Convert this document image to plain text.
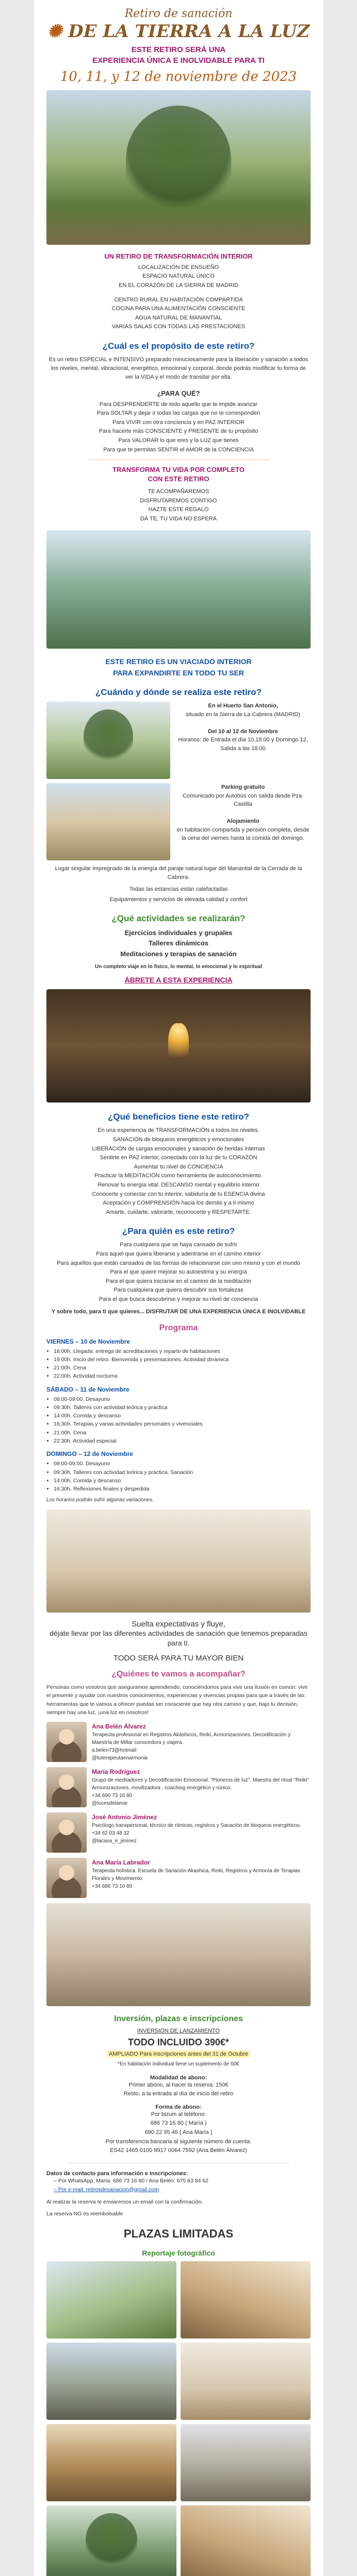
Retiro de sanación
✺ DE LA TIERRA A LA LUZ
ESTE RETIRO SERÁ UNA
EXPERIENCIA ÚNICA E INOLVIDABLE PARA TI
10, 11, y 12 de noviembre de 2023
UN RETIRO DE TRANSFORMACIÓN INTERIOR
LOCALIZACIÓN DE ENSUEÑO
ESPACIO NATURAL ÚNICO
EN EL CORAZÓN DE LA SIERRA DE MADRID
CENTRO RURAL EN HABITACIÓN COMPARTIDA
COCINA PARA UNA ALIMENTACIÓN CONSCIENTE
AGUA NATURAL DE MANANTIAL
VARIAS SALAS CON TODAS LAS PRESTACIONES
¿Cuál es el propósito de este retiro?

Es un retiro ESPECIAL e INTENSIVO preparado minuciosamente para la liberación y sanación a todos los niveles, mental, vibracional, energético, emocional y corporal, donde podrás modificar tu forma de ver la VIDA y el modo de transitar por ella.

¿PARA QUÉ?
Para DESPRENDERTE de todo aquello que te impide avanzar
Para SOLTAR y dejar ir todas las cargas que no te corresponden
Para VIVIR con otra conciencia y en PAZ INTERIOR
Para hacerte más CONSCIENTE y PRESENTE de tu propósito
Para VALORAR lo que eres y la LUZ que tienes
Para que te permitas SENTIR el AMOR de la CONCIENCIA
TRANSFORMA TU VIDA POR COMPLETO
CON ESTE RETIRO
TE ACOMPAÑAREMOS
DISFRUTAREMOS CONTIGO
HAZTE ESTE REGALO
DÁ TE, TU VIDA NO ESPERA
ESTE RETIRO ES UN VIACIADO INTERIOR
PARA EXPANDIRTE EN TODO TU SER
¿Cuándo y dónde se realiza este retiro?
En el Huerto San Antonio,
situado en la Sierra de La Cabrera (MADRID)

Del 10 al 12 de Noviembre
Horarios: de Entrada el día 10,18:00 y Domingo 12, Salida a las 18:00
Parking gratuito
Comunicado por Autobús con salida desde Pza. Castilla

Alojamiento
en habitación compartida y pensión completa, desde la cena del viernes hasta la comida del domingo.

Lugar singular impregnado de la energía del paraje natural lugar del Manantial de la Cerrada de la Cabrera.

Todas las estancias están calefactadas

Equipamientos y servicios de elevada calidad y confort

¿Qué actividades se realizarán?
Ejercicios individuales y grupales
Talleres dinámicos
Meditaciones y terapias de sanación

Un completo viaje en lo físico, lo mental, lo emocional y lo espiritual

ÁBRETE A ESTA EXPERIENCIA
¿Qué beneficios tiene este retiro?
En una experiencia de TRANSFORMACIÓN a todos los niveles.
SANACIÓN de bloqueos energéticos y emocionales
LIBERACIÓN de cargas emocionales y sanación de heridas internas
Sentirte en PAZ interior, conectado con la luz de tu CORAZÓN
Aumentar tu nivel de CONCIENCIA
Practicar la MEDITACIÓN como herramienta de autoconocimiento.
Renovar tu energía vital. DESCANSO mental y equilibrio interno
Conocerte y conectar con tu interior, sabiduría de tu ESENCIA divina
Aceptación y COMPRENSIÓN hacia los demás y a ti mismo
Amarte, cuidarte, valorarte, reconocerte y RESPETARTE.
¿Para quién es este retiro?
Para cualquiera que se haya cansado de sufrir
Para aquel que quiera liberarse y adentrarse en el camino interior
Para aquellos que están cansados de las formas de relacionarse con uno mismo y con el mundo
Para el que quiere mejorar su autoestima y su energía
Para el que quiera iniciarse en el camino de la meditación
Para cualquiera que quiera descubrir sus fortalezas
Para el que busca descubrirse y mejorar su nivel de conciencia

Y sobre todo, para ti que quieres... DISFRUTAR DE UNA EXPERIENCIA ÚNICA E INOLVIDABLE

Programa
VIERNES – 10 de Noviembre
• 18:00h. Llegada: entrega de acreditaciones y reparto de habitaciones
• 19:00h. Inicio del retiro. Bienvenida y presentaciones. Actividad dinámica
• 21:00h. Cena
• 22:00h. Actividad nocturna
SÁBADO – 11 de Noviembre
• 08:00-09:00. Desayuno
• 09:30h. Talleres con actividad teórica y práctica
• 14:00h. Comida y descanso
• 16:30h. Terapias y varias actividades personales y vivenciales
• 21:00h. Cena
• 22:30h. Actividad especial
DOMINGO – 12 de Noviembre
• 08:00-09:00. Desayuno
• 09:30h. Talleres con actividad teórica y práctica. Sanación
• 14:00h. Comida y descanso
• 16:30h. Reflexiones finales y despedida

Los horarios podrán sufrir algunas variaciones.

Suelta expectativas y fluye,
déjate llevar por las diferentes actividades de sanación que tenemos preparadas para ti.
TODO SERÁ PARA TU MAYOR BIEN
¿Quiénes te vamos a acompañar?

Personas como vosotros que aseguramos aprendiendo, conociéndonos para vivir una ilusión en común: vivir el presente y ayudar con nuestros conocimientos, experiencias y vivencias propias para que a través de las herramientas que te vamos a ofrecer puedas ser consciente que hay otra camino y que, bajo tu decisión, siempre hay una luz, ¡una luz en nosotros!

Ana Belén Álvarez
Terapeuta profesional en Registros Akáshicos, Reiki, Armonizaciones, Decodificación y Maestría de Millar conocedora y viajera.
a.belen73@hotmail
@tuterapeutaenarmonia
María Rodríguez
Grupo de meditadores y Decodificación Emocional. "Pioneros de luz". Maestra del ritual "Reiki" Armonizaciones, movilizadora , coaching energético y rúnico.
+34 690 73 16 80
@lucesdelamar
José Antonio Jiménez
Psicólogo transpersonal, técnico de ritmicas, registros y Sanación de bloqueos energéticos.
+34 62 03 48 32
@lacasa_e_jiminez
Ana María Labrador
Terapeuta holística. Escuela de Sanación Akashica, Reiki, Registros y Armonía de Terapias Florales y Movimiento.
+34 686 73 16 80
Inversión, plazas e inscripciones
INVERSIÓN DE LANZAMIENTO
TODO INCLUIDO 390€*
AMPLIADO Para inscripciones antes del 31 de Octubre

*En habitación individual tiene un suplemento de 60€

Modalidad de abono:
Primer abono, al hacer la reserva: 150€
Resto, a la entrada al día de inicio del retiro
Forma de abono:
Por bizum al teléfono:
686 73 16 80 ( María )
690 22 95 46 ( Ana María )
Por transferencia bancaria al siguiente número de cuenta:
ES42 1465 0100 9917 0064 7592 (Ana Belén Álvarez)
Datos de contacto para información e inscripciones:
– Por WhatsApp, María: 686 73 16 80 / Ana Belén: 675 83 84 62
– Por e-mail: retirosdesanacion@gmail.com

Al realizar la reserva te enviaremos un email con la confirmación.

La reserva NO es reembolsable

PLAZAS LIMITADAS
Reportaje fotográfico
